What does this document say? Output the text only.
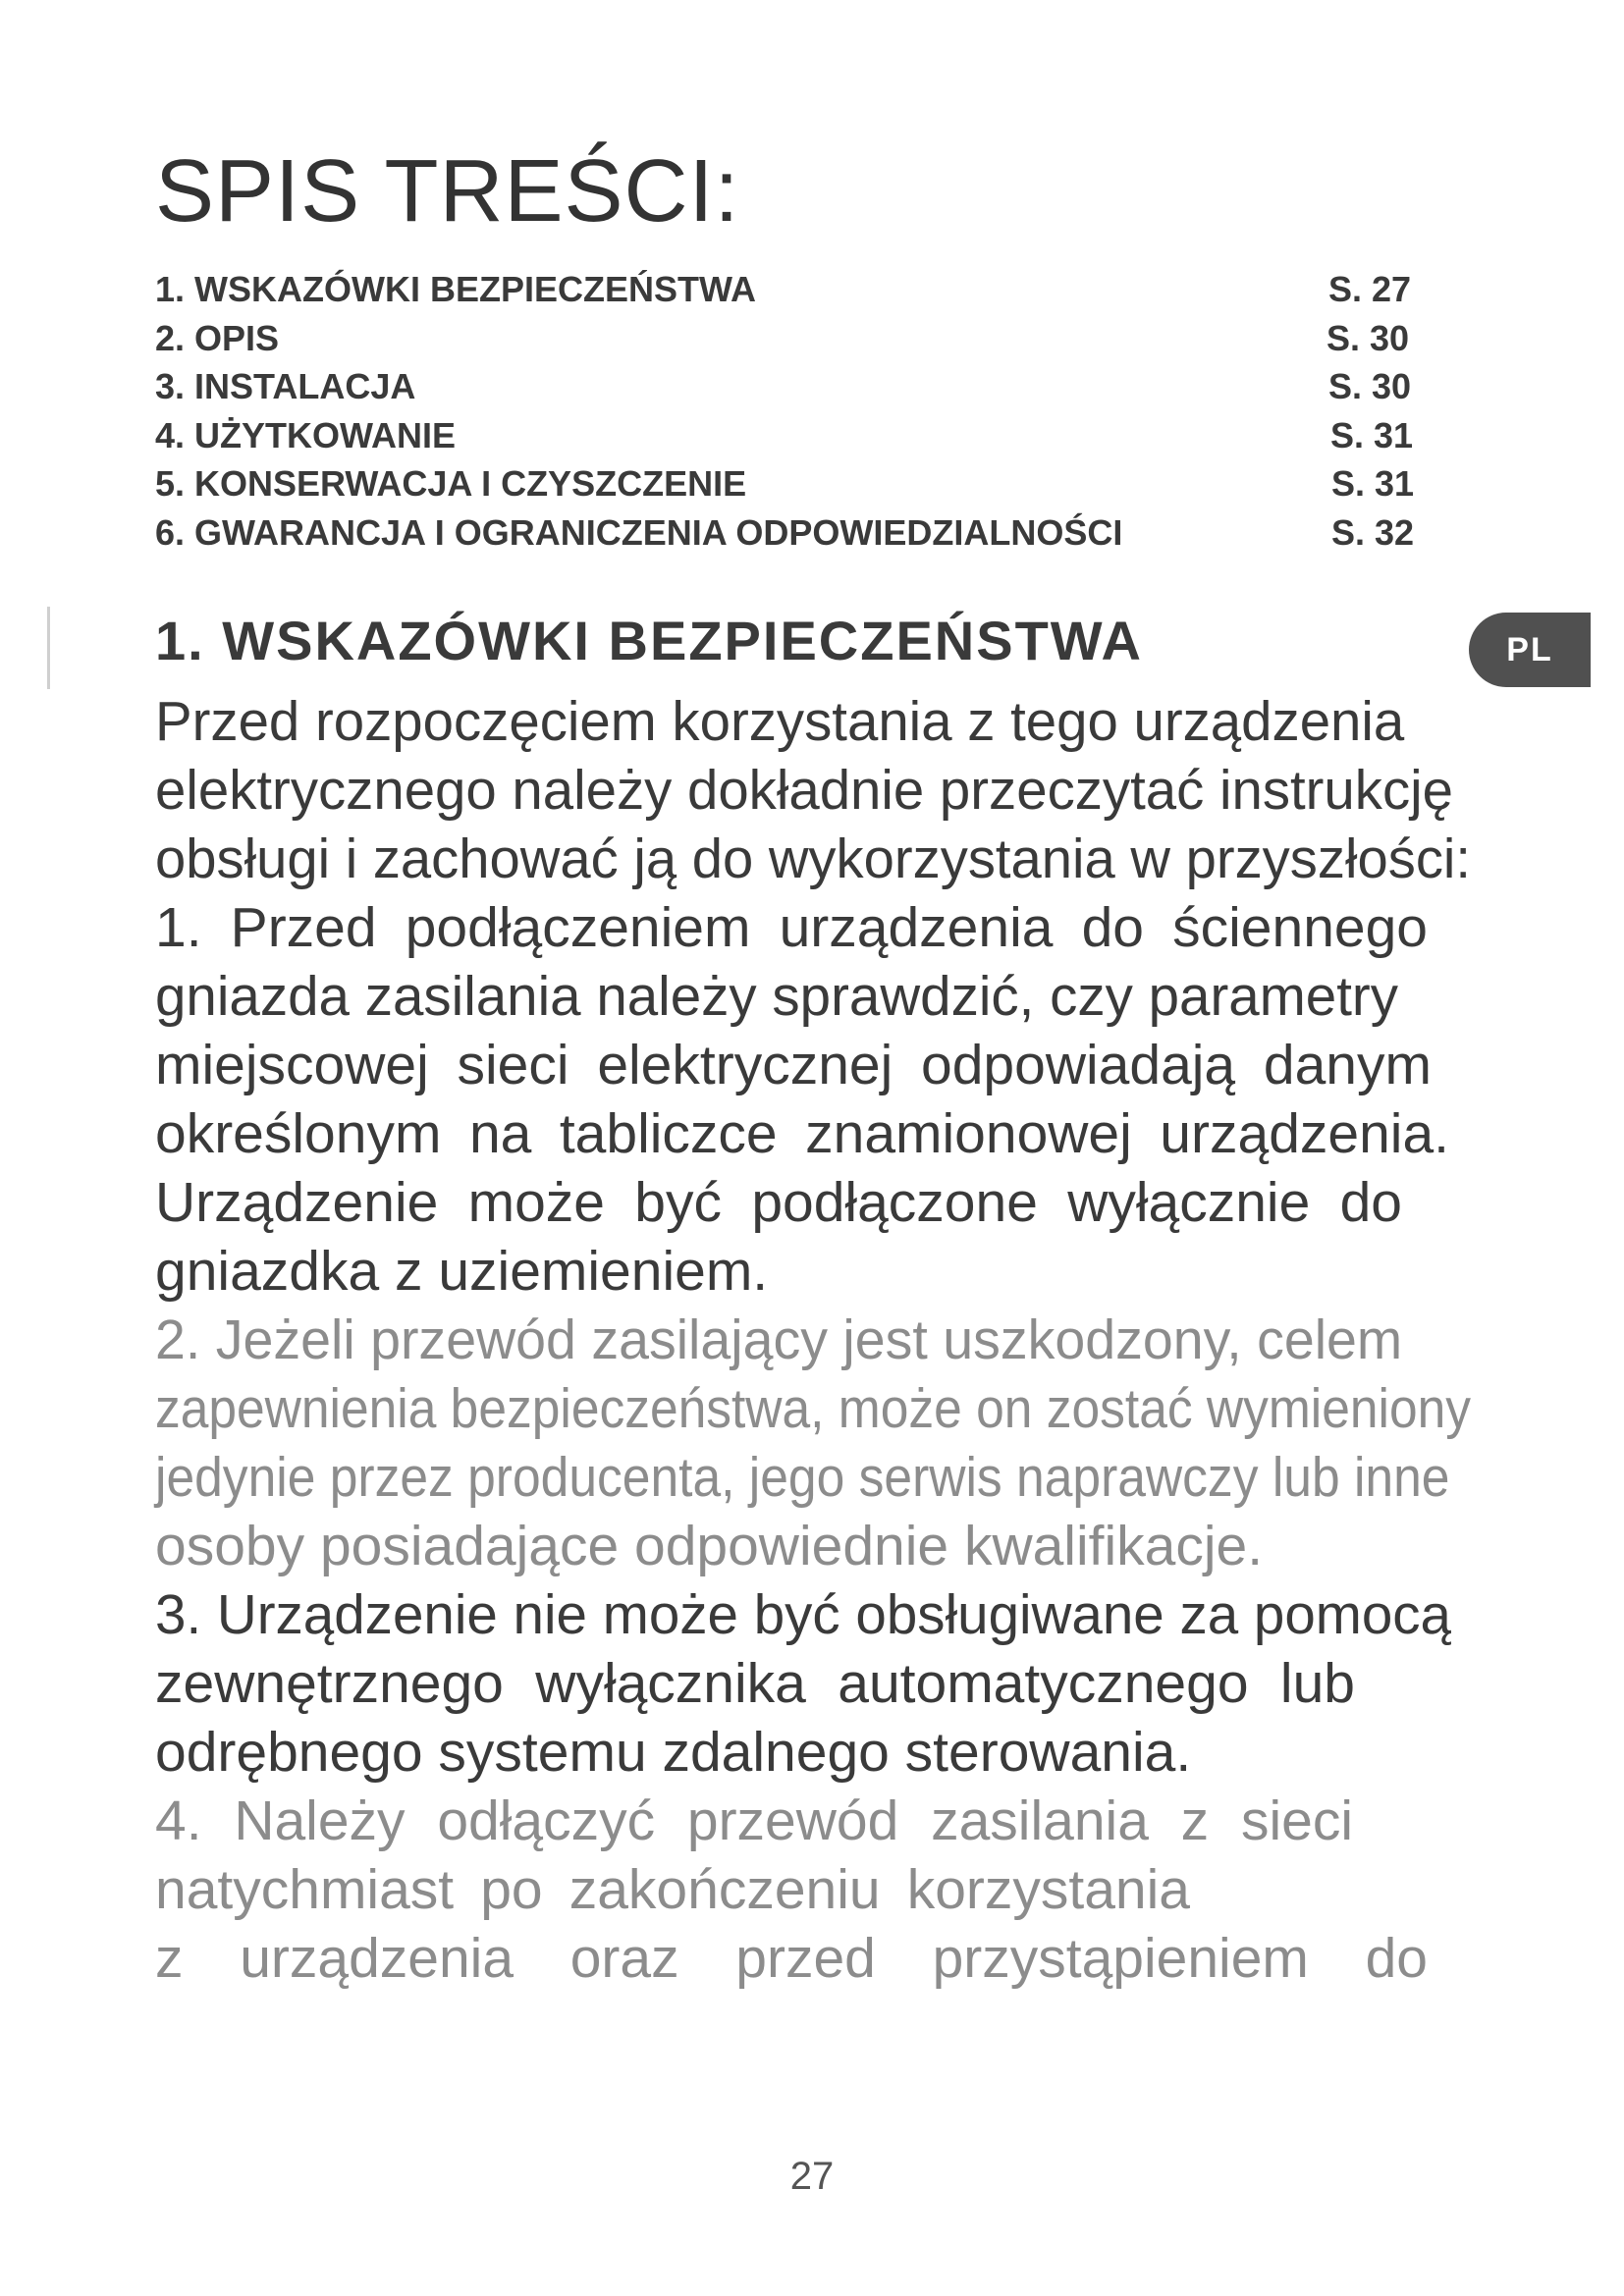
SPIS TREŚCI:
1. WSKAZÓWKI BEZPIECZEŃSTWA	S. 27
2. OPIS	S. 30
3. INSTALACJA	S. 30
4. UŻYTKOWANIE	S. 31
5. KONSERWACJA I CZYSZCZENIE	S. 31
6. GWARANCJA I OGRANICZENIA ODPOWIEDZIALNOŚCI	S. 32
PL
1. WSKAZÓWKI BEZPIECZEŃSTWA
Przed rozpoczęciem korzystania z tego urządzenia
elektrycznego należy dokładnie przeczytać instrukcję
obsługi i zachować ją do wykorzystania w przyszłości:
1. Przed podłączeniem urządzenia do ściennego
gniazda zasilania należy sprawdzić, czy parametry
miejscowej sieci elektrycznej odpowiadają danym
określonym na tabliczce znamionowej urządzenia.
Urządzenie może być podłączone wyłącznie do
gniazdka z uziemieniem.
2. Jeżeli przewód zasilający jest uszkodzony, celem
zapewnienia bezpieczeństwa, może on zostać wymieniony
jedynie przez producenta, jego serwis naprawczy lub inne
osoby posiadające odpowiednie kwalifikacje.
3. Urządzenie nie może być obsługiwane za pomocą
zewnętrznego wyłącznika automatycznego lub
odrębnego systemu zdalnego sterowania.
4. Należy odłączyć przewód zasilania z sieci
natychmiast po zakończeniu korzystania
z urządzenia oraz przed przystąpieniem do
27
